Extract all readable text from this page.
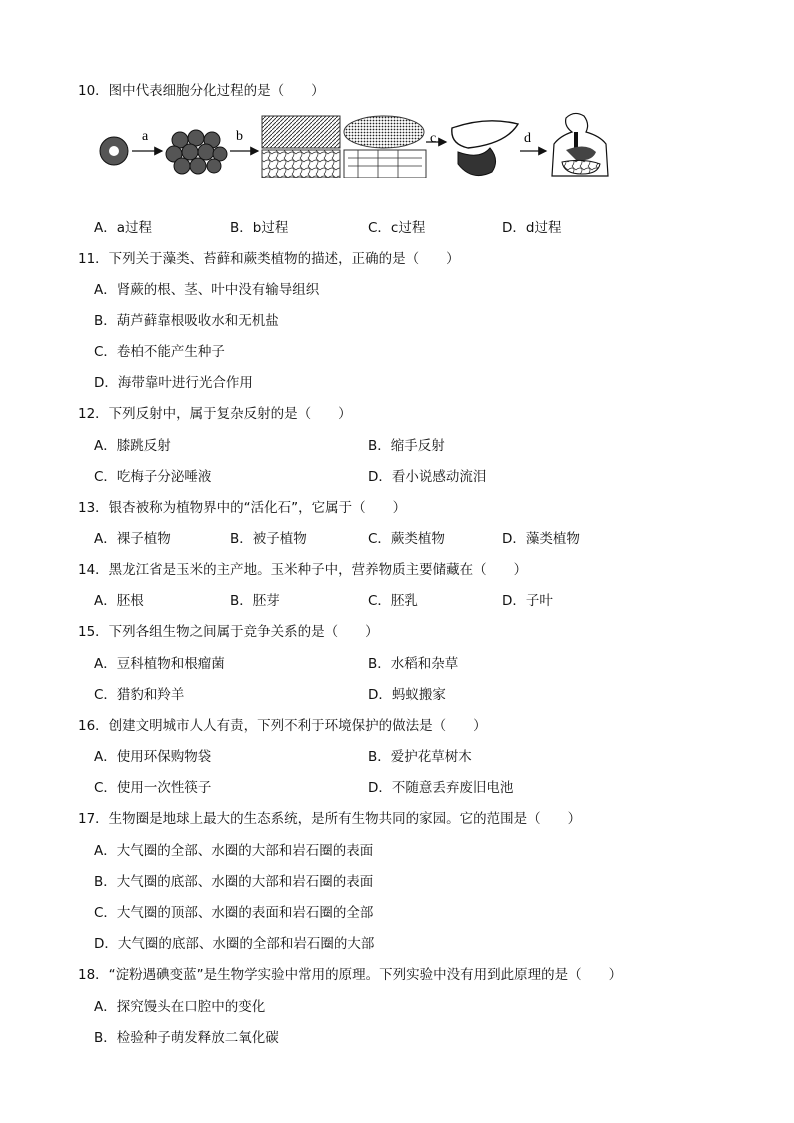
10．图中代表细胞分化过程的是（　　）
a	b	c	d
A．a过程	B．b过程	C．c过程	D．d过程
11．下列关于藻类、苔藓和蕨类植物的描述，正确的是（　　）
A．肾蕨的根、茎、叶中没有输导组织
B．葫芦藓靠根吸收水和无机盐
C．卷柏不能产生种子
D．海带靠叶进行光合作用
12．下列反射中，属于复杂反射的是（　　）
A．膝跳反射	B．缩手反射
C．吃梅子分泌唾液	D．看小说感动流泪
13．银杏被称为植物界中的“活化石”，它属于（　　）
A．裸子植物	B．被子植物	C．蕨类植物	D．藻类植物
14．黑龙江省是玉米的主产地。玉米种子中，营养物质主要储藏在（　　）
A．胚根	B．胚芽	C．胚乳	D．子叶
15．下列各组生物之间属于竞争关系的是（　　）
A．豆科植物和根瘤菌	B．水稻和杂草
C．猎豹和羚羊	D．蚂蚁搬家
16．创建文明城市人人有责，下列不利于环境保护的做法是（　　）
A．使用环保购物袋	B．爱护花草树木
C．使用一次性筷子	D．不随意丢弃废旧电池
17．生物圈是地球上最大的生态系统，是所有生物共同的家园。它的范围是（　　）
A．大气圈的全部、水圈的大部和岩石圈的表面
B．大气圈的底部、水圈的大部和岩石圈的表面
C．大气圈的顶部、水圈的表面和岩石圈的全部
D．大气圈的底部、水圈的全部和岩石圈的大部
18．“淀粉遇碘变蓝”是生物学实验中常用的原理。下列实验中没有用到此原理的是（　　）
A．探究馒头在口腔中的变化
B．检验种子萌发释放二氧化碳
